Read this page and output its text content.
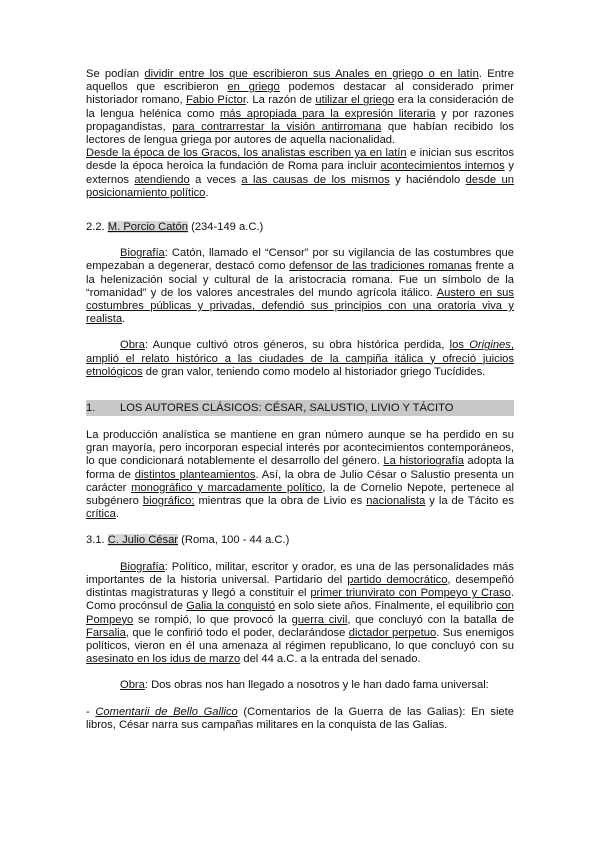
Se podían dividir entre los que escribieron sus Anales en griego o en latín. Entre aquellos que escribieron en griego podemos destacar al considerado primer historiador romano, Fabio Píctor. La razón de utilizar el griego era la consideración de la lengua helénica como más apropiada para la expresión literaria y por razones propagandistas, para contrarrestar la visión antirromana que habían recibido los lectores de lengua griega por autores de aquella nacionalidad.

Desde la época de los Gracos, los analistas escriben ya en latín e inician sus escritos desde la época heroica la fundación de Roma para incluir acontecimientos internos y externos atendiendo a veces a las causas de los mismos y haciéndolo desde un posicionamiento político.

2.2. M. Porcio Catón (234-149 a.C.)

Biografía: Catón, llamado el “Censor” por su vigilancia de las costumbres que empezaban a degenerar, destacó como defensor de las tradiciones romanas frente a la helenización social y cultural de la aristocracia romana. Fue un símbolo de la “romanidad” y de los valores ancestrales del mundo agrícola itálico. Austero en sus costumbres públicas y privadas, defendió sus principios con una oratoria viva y realista.

Obra: Aunque cultivó otros géneros, su obra histórica perdida, los Origines, amplió el relato histórico a las ciudades de la campiña itálica y ofreció juicios etnológicos de gran valor, teniendo como modelo al historiador griego Tucídides.

1.	LOS AUTORES CLÁSICOS: CÉSAR, SALUSTIO, LIVIO Y TÁCITO

La producción analística se mantiene en gran número aunque se ha perdido en su gran mayoría, pero incorporan especial interés por acontecimientos contemporáneos, lo que condicionará notablemente el desarrollo del género. La historiografía adopta la forma de distintos planteamientos. Así, la obra de Julio César o Salustio presenta un carácter monográfico y marcadamente político, la de Cornelio Nepote, pertenece al subgénero biográfico; mientras que la obra de Livio es nacionalista y la de Tácito es crítica.

3.1. C. Julio César (Roma, 100 - 44 a.C.)

Biografía: Político, militar, escritor y orador, es una de las personalidades más importantes de la historia universal. Partidario del partido democrático, desempeñó distintas magistraturas y llegó a constituir el primer triunvirato con Pompeyo y Craso. Como procónsul de Galia la conquistó en solo siete años. Finalmente, el equilibrio con Pompeyo se rompió, lo que provocó la guerra civil, que concluyó con la batalla de Farsalia, que le confirió todo el poder, declarándose dictador perpetuo. Sus enemigos políticos, vieron en él una amenaza al régimen republicano, lo que concluyó con su asesinato en los idus de marzo del 44 a.C. a la entrada del senado.

Obra: Dos obras nos han llegado a nosotros y le han dado fama universal:

- Comentarii de Bello Gallico (Comentarios de la Guerra de las Galias): En siete libros, César narra sus campañas militares en la conquista de las Galias.
